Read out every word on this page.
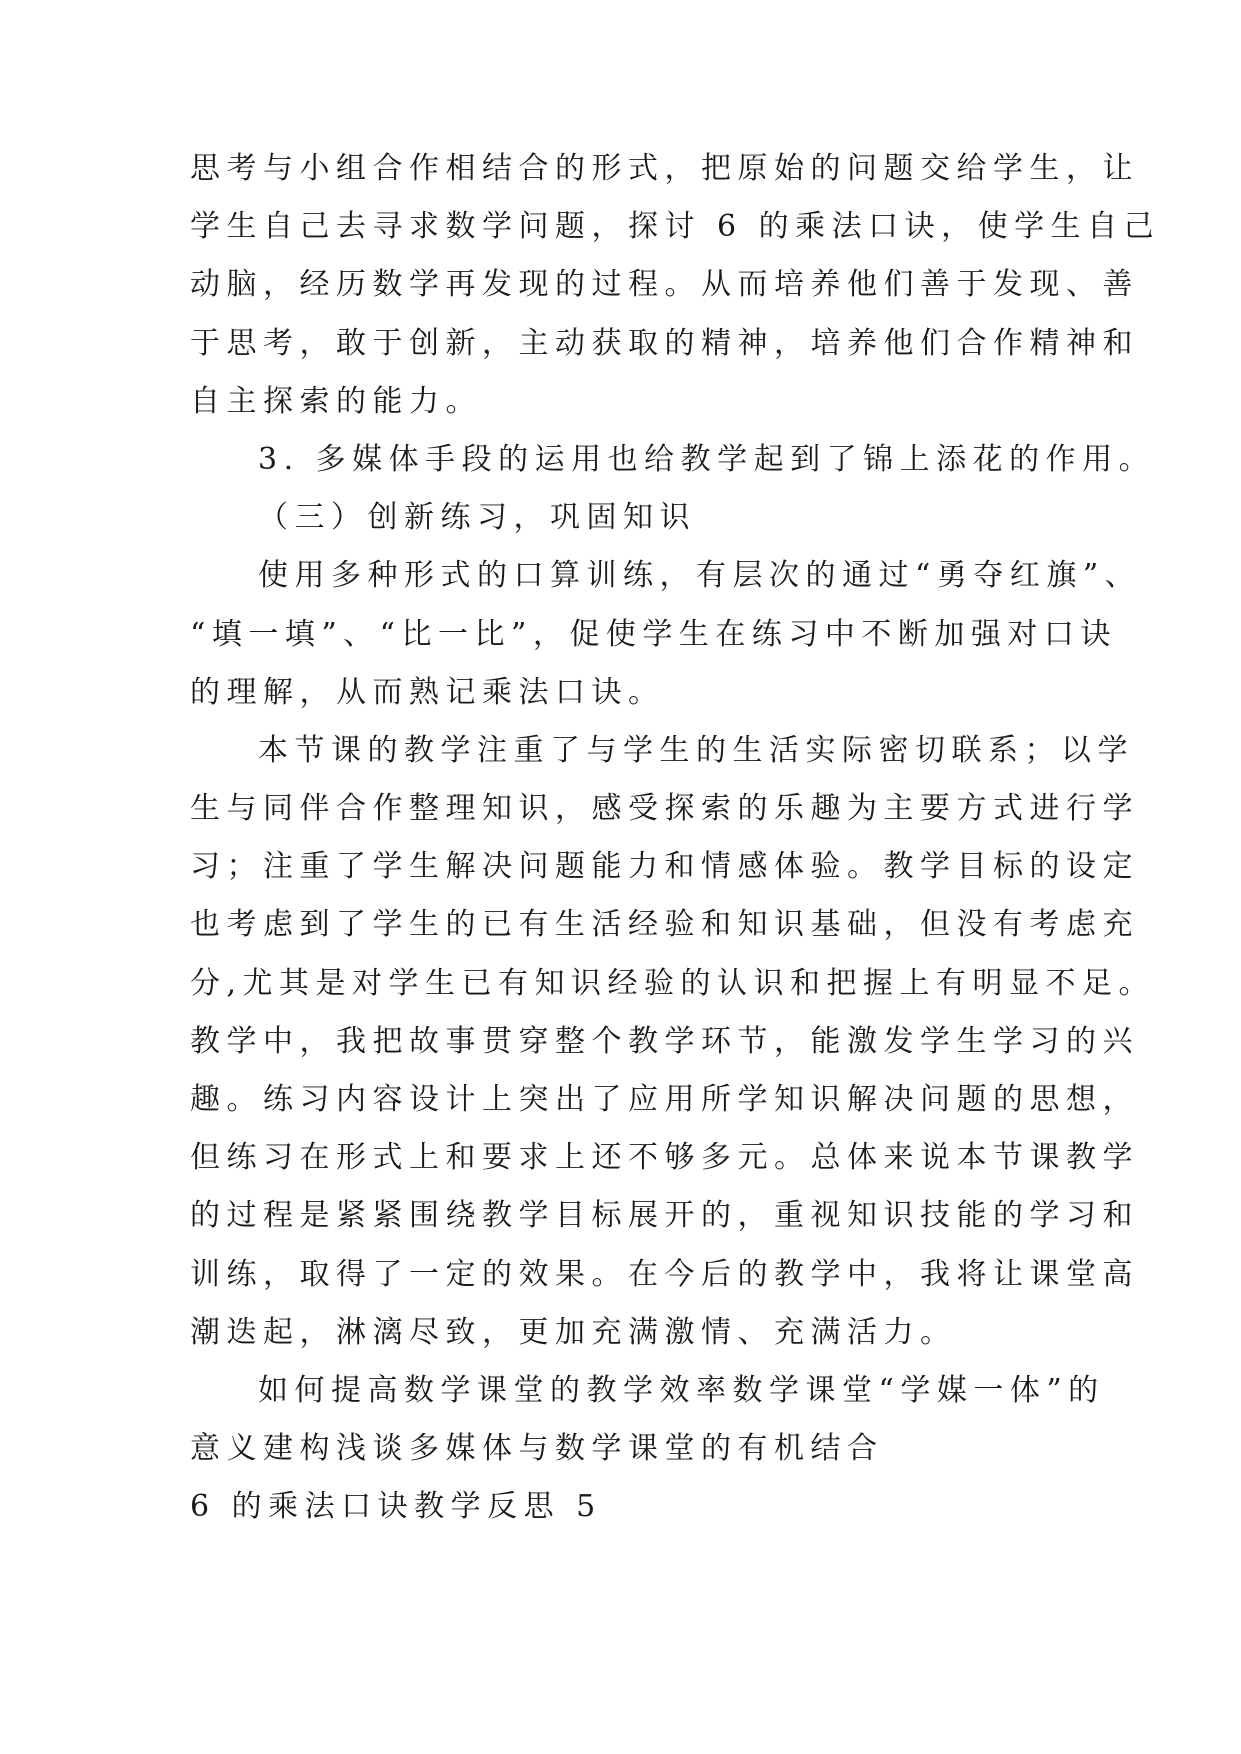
思考与小组合作相结合的形式，把原始的问题交给学生，让
学生自己去寻求数学问题，探讨 6 的乘法口诀，使学生自己
动脑，经历数学再发现的过程。从而培养他们善于发现、善
于思考，敢于创新，主动获取的精神，培养他们合作精神和
自主探索的能力。
3. 多媒体手段的运用也给教学起到了锦上添花的作用。
（三）创新练习，巩固知识
使用多种形式的口算训练，有层次的通过“勇夺红旗”、
“填一填”、“比一比”，促使学生在练习中不断加强对口诀
的理解，从而熟记乘法口诀。
本节课的教学注重了与学生的生活实际密切联系；以学
生与同伴合作整理知识，感受探索的乐趣为主要方式进行学
习；注重了学生解决问题能力和情感体验。教学目标的设定
也考虑到了学生的已有生活经验和知识基础，但没有考虑充
分,尤其是对学生已有知识经验的认识和把握上有明显不足。
教学中，我把故事贯穿整个教学环节，能激发学生学习的兴
趣。练习内容设计上突出了应用所学知识解决问题的思想，
但练习在形式上和要求上还不够多元。总体来说本节课教学
的过程是紧紧围绕教学目标展开的，重视知识技能的学习和
训练，取得了一定的效果。在今后的教学中，我将让课堂高
潮迭起，淋漓尽致，更加充满激情、充满活力。
如何提高数学课堂的教学效率数学课堂“学媒一体”的
意义建构浅谈多媒体与数学课堂的有机结合
6 的乘法口诀教学反思 5
